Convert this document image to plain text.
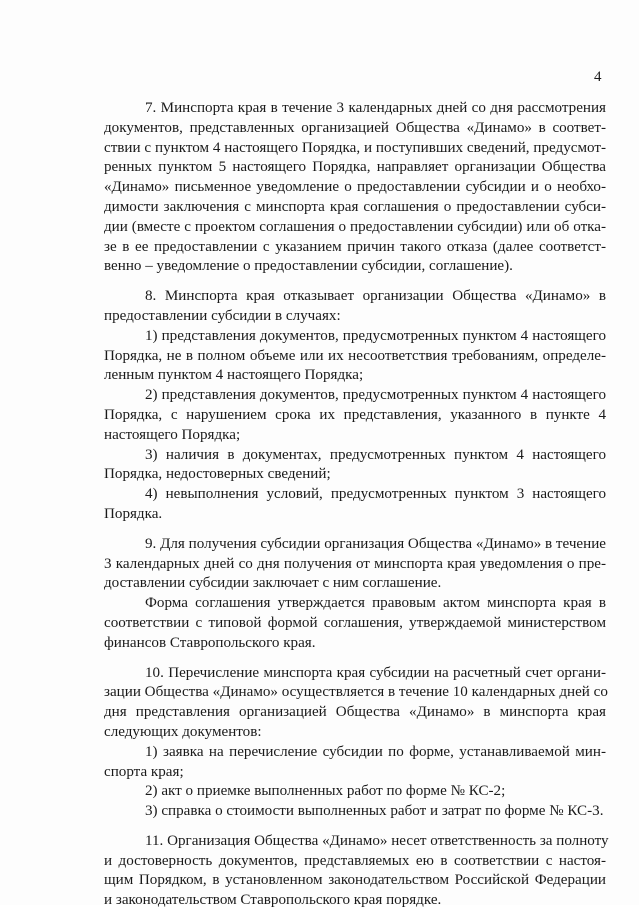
4
7. Минспорта края в течение 3 календарных дней со дня рассмотрения
документов, представленных организацией Общества «Динамо» в соответ-
ствии с пунктом 4 настоящего Порядка, и поступивших сведений, предусмот-
ренных пунктом 5 настоящего Порядка, направляет организации Общества
«Динамо» письменное уведомление о предоставлении субсидии и о необхо-
димости заключения с минспорта края соглашения о предоставлении субси-
дии (вместе с проектом соглашения о предоставлении субсидии) или об отка-
зе в ее предоставлении с указанием причин такого отказа (далее соответст-
венно – уведомление о предоставлении субсидии, соглашение).
8. Минспорта края отказывает организации Общества «Динамо» в
предоставлении субсидии в случаях:
1) представления документов, предусмотренных пунктом 4 настоящего
Порядка, не в полном объеме или их несоответствия требованиям, определе-
ленным пунктом 4 настоящего Порядка;
2) представления документов, предусмотренных пунктом 4 настоящего
Порядка, с нарушением срока их представления, указанного в пункте 4
настоящего Порядка;
3) наличия в документах, предусмотренных пунктом 4 настоящего
Порядка, недостоверных сведений;
4) невыполнения условий, предусмотренных пунктом 3 настоящего
Порядка.
9. Для получения субсидии организация Общества «Динамо» в течение
3 календарных дней со дня получения от минспорта края уведомления о пре-
доставлении субсидии заключает с ним соглашение.
Форма соглашения утверждается правовым актом минспорта края в
соответствии с типовой формой соглашения, утверждаемой министерством
финансов Ставропольского края.
10. Перечисление минспорта края субсидии на расчетный счет органи-
зации Общества «Динамо» осуществляется в течение 10 календарных дней со
дня представления организацией Общества «Динамо» в минспорта края
следующих документов:
1) заявка на перечисление субсидии по форме, устанавливаемой мин-
спорта края;
2) акт о приемке выполненных работ по форме № КС-2;
3) справка о стоимости выполненных работ и затрат по форме № КС-3.
11. Организация Общества «Динамо» несет ответственность за полноту
и достоверность документов, представляемых ею в соответствии с настоя-
щим Порядком, в установленном законодательством Российской Федерации
и законодательством Ставропольского края порядке.
